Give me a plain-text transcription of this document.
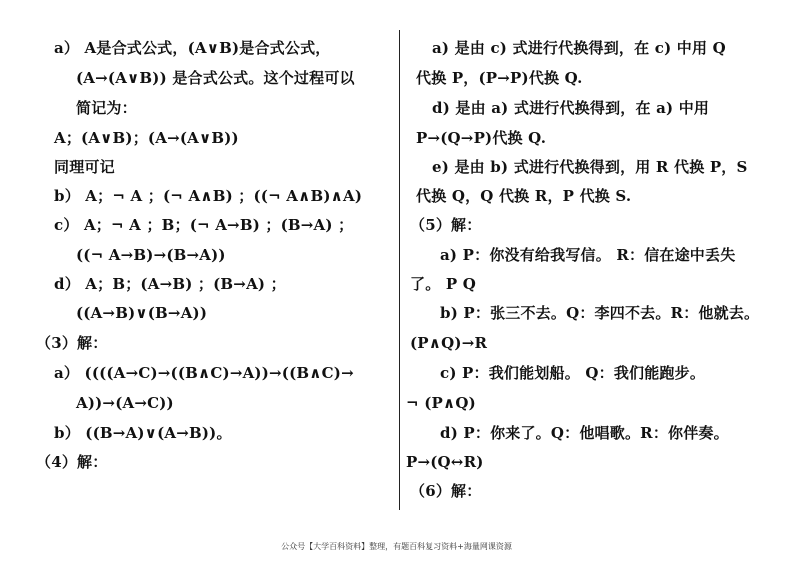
a） A是合式公式，(A∨B)是合式公式，
(A→(A∨B)) 是合式公式。这个过程可以
简记为：
A；(A∨B)；(A→(A∨B))
同理可记
b） A；¬ A ；(¬ A∧B) ；((¬ A∧B)∧A)
c） A；¬ A ；B；(¬ A→B) ；(B→A) ；
((¬ A→B)→(B→A))
d） A；B；(A→B) ；(B→A) ；
((A→B)∨(B→A))
（3）解：
a） ((((A→C)→((B∧C)→A))→((B∧C)→
A))→(A→C))
b） ((B→A)∨(A→B))。
（4）解：
a) 是由 c) 式进行代换得到，在 c) 中用 Q
代换 P，(P→P)代换 Q.
d) 是由 a) 式进行代换得到，在 a) 中用
P→(Q→P)代换 Q.
e) 是由 b) 式进行代换得到，用 R 代换 P，S
代换 Q，Q 代换 R，P 代换 S.
（5）解：
a) P：你没有给我写信。 R：信在途中丢失
了。 P Q
b) P：张三不去。Q：李四不去。R：他就去。
(P∧Q)→R
c) P：我们能划船。 Q：我们能跑步。
¬ (P∧Q)
d) P：你来了。Q：他唱歌。R：你伴奏。
P→(Q↔R)
（6）解：
公众号【大学百科资料】整理，有题百科复习资料+海量网课资源
